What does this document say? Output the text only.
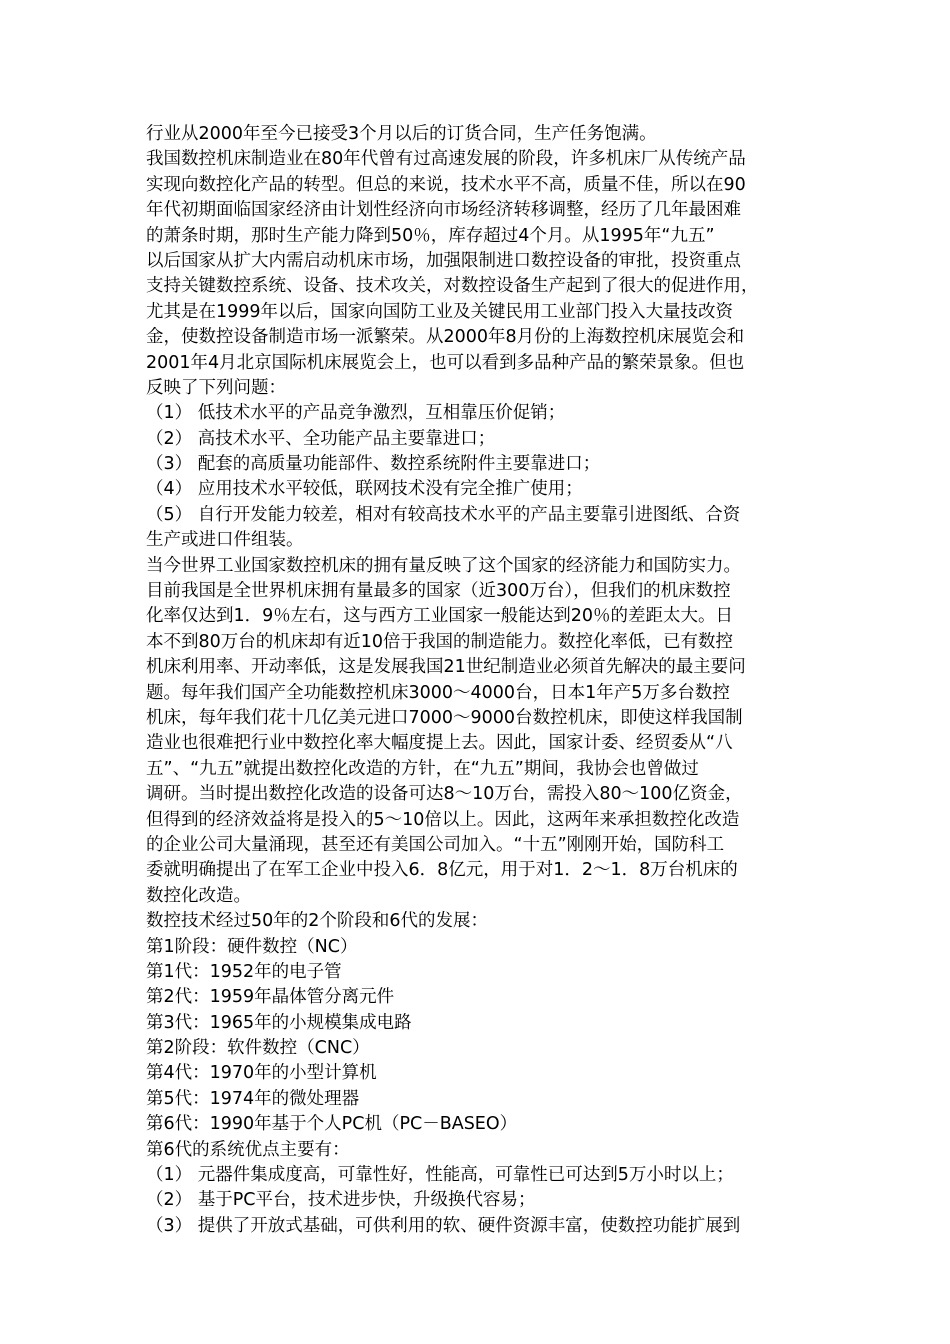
行业从2000年至今已接受3个月以后的订货合同，生产任务饱满。
我国数控机床制造业在80年代曾有过高速发展的阶段，许多机床厂从传统产品
实现向数控化产品的转型。但总的来说，技术水平不高，质量不佳，所以在90
年代初期面临国家经济由计划性经济向市场经济转移调整，经历了几年最困难
的萧条时期，那时生产能力降到50％，库存超过4个月。从1995年“九五”
以后国家从扩大内需启动机床市场，加强限制进口数控设备的审批，投资重点
支持关键数控系统、设备、技术攻关，对数控设备生产起到了很大的促进作用，
尤其是在1999年以后，国家向国防工业及关键民用工业部门投入大量技改资
金，使数控设备制造市场一派繁荣。从2000年8月份的上海数控机床展览会和
2001年4月北京国际机床展览会上，也可以看到多品种产品的繁荣景象。但也
反映了下列问题：
（1） 低技术水平的产品竞争激烈，互相靠压价促销；
（2） 高技术水平、全功能产品主要靠进口；
（3） 配套的高质量功能部件、数控系统附件主要靠进口；
（4） 应用技术水平较低，联网技术没有完全推广使用；
（5） 自行开发能力较差，相对有较高技术水平的产品主要靠引进图纸、合资
生产或进口件组装。
当今世界工业国家数控机床的拥有量反映了这个国家的经济能力和国防实力。
目前我国是全世界机床拥有量最多的国家（近300万台），但我们的机床数控
化率仅达到1．9％左右，这与西方工业国家一般能达到20％的差距太大。日
本不到80万台的机床却有近10倍于我国的制造能力。数控化率低，已有数控
机床利用率、开动率低，这是发展我国21世纪制造业必须首先解决的最主要问
题。每年我们国产全功能数控机床3000～4000台，日本1年产5万多台数控
机床，每年我们花十几亿美元进口7000～9000台数控机床，即使这样我国制
造业也很难把行业中数控化率大幅度提上去。因此，国家计委、经贸委从“八
五”、“九五”就提出数控化改造的方针，在“九五”期间，我协会也曾做过
调研。当时提出数控化改造的设备可达8～10万台，需投入80～100亿资金，
但得到的经济效益将是投入的5～10倍以上。因此，这两年来承担数控化改造
的企业公司大量涌现，甚至还有美国公司加入。“十五”刚刚开始，国防科工
委就明确提出了在军工企业中投入6．8亿元，用于对1．2～1．8万台机床的
数控化改造。
数控技术经过50年的2个阶段和6代的发展：
第1阶段：硬件数控（NC）
第1代：1952年的电子管
第2代：1959年晶体管分离元件
第3代：1965年的小规模集成电路
第2阶段：软件数控（CNC）
第4代：1970年的小型计算机
第5代：1974年的微处理器
第6代：1990年基于个人PC机（PC－BASEO）
第6代的系统优点主要有：
（1） 元器件集成度高，可靠性好，性能高，可靠性已可达到5万小时以上；
（2） 基于PC平台，技术进步快，升级换代容易；
（3） 提供了开放式基础，可供利用的软、硬件资源丰富，使数控功能扩展到
